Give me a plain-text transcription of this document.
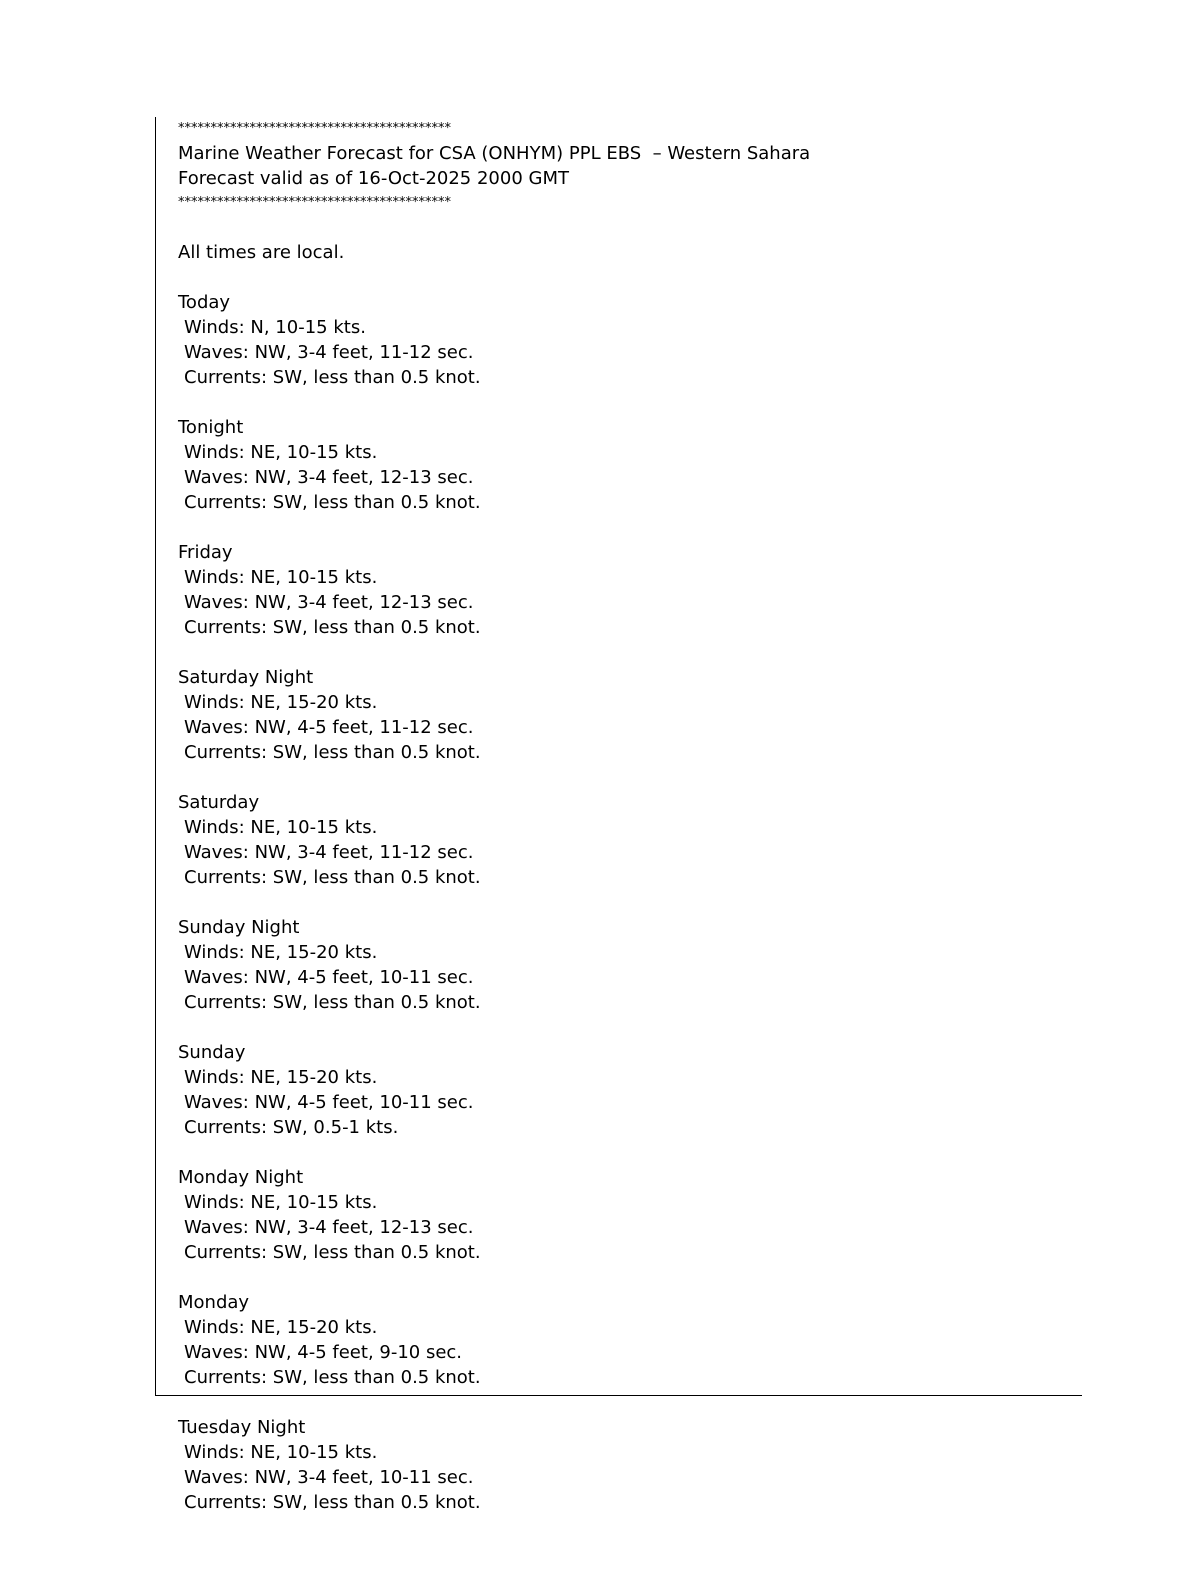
******************************************
Marine Weather Forecast for CSA (ONHYM) PPL EBS  – Western Sahara
Forecast valid as of 16-Oct-2025 2000 GMT
******************************************
All times are local.
Today
Winds: N, 10-15 kts.
Waves: NW, 3-4 feet, 11-12 sec.
Currents: SW, less than 0.5 knot.
Tonight
Winds: NE, 10-15 kts.
Waves: NW, 3-4 feet, 12-13 sec.
Currents: SW, less than 0.5 knot.
Friday
Winds: NE, 10-15 kts.
Waves: NW, 3-4 feet, 12-13 sec.
Currents: SW, less than 0.5 knot.
Saturday Night
Winds: NE, 15-20 kts.
Waves: NW, 4-5 feet, 11-12 sec.
Currents: SW, less than 0.5 knot.
Saturday
Winds: NE, 10-15 kts.
Waves: NW, 3-4 feet, 11-12 sec.
Currents: SW, less than 0.5 knot.
Sunday Night
Winds: NE, 15-20 kts.
Waves: NW, 4-5 feet, 10-11 sec.
Currents: SW, less than 0.5 knot.
Sunday
Winds: NE, 15-20 kts.
Waves: NW, 4-5 feet, 10-11 sec.
Currents: SW, 0.5-1 kts.
Monday Night
Winds: NE, 10-15 kts.
Waves: NW, 3-4 feet, 12-13 sec.
Currents: SW, less than 0.5 knot.
Monday
Winds: NE, 15-20 kts.
Waves: NW, 4-5 feet, 9-10 sec.
Currents: SW, less than 0.5 knot.
Tuesday Night
Winds: NE, 10-15 kts.
Waves: NW, 3-4 feet, 10-11 sec.
Currents: SW, less than 0.5 knot.
